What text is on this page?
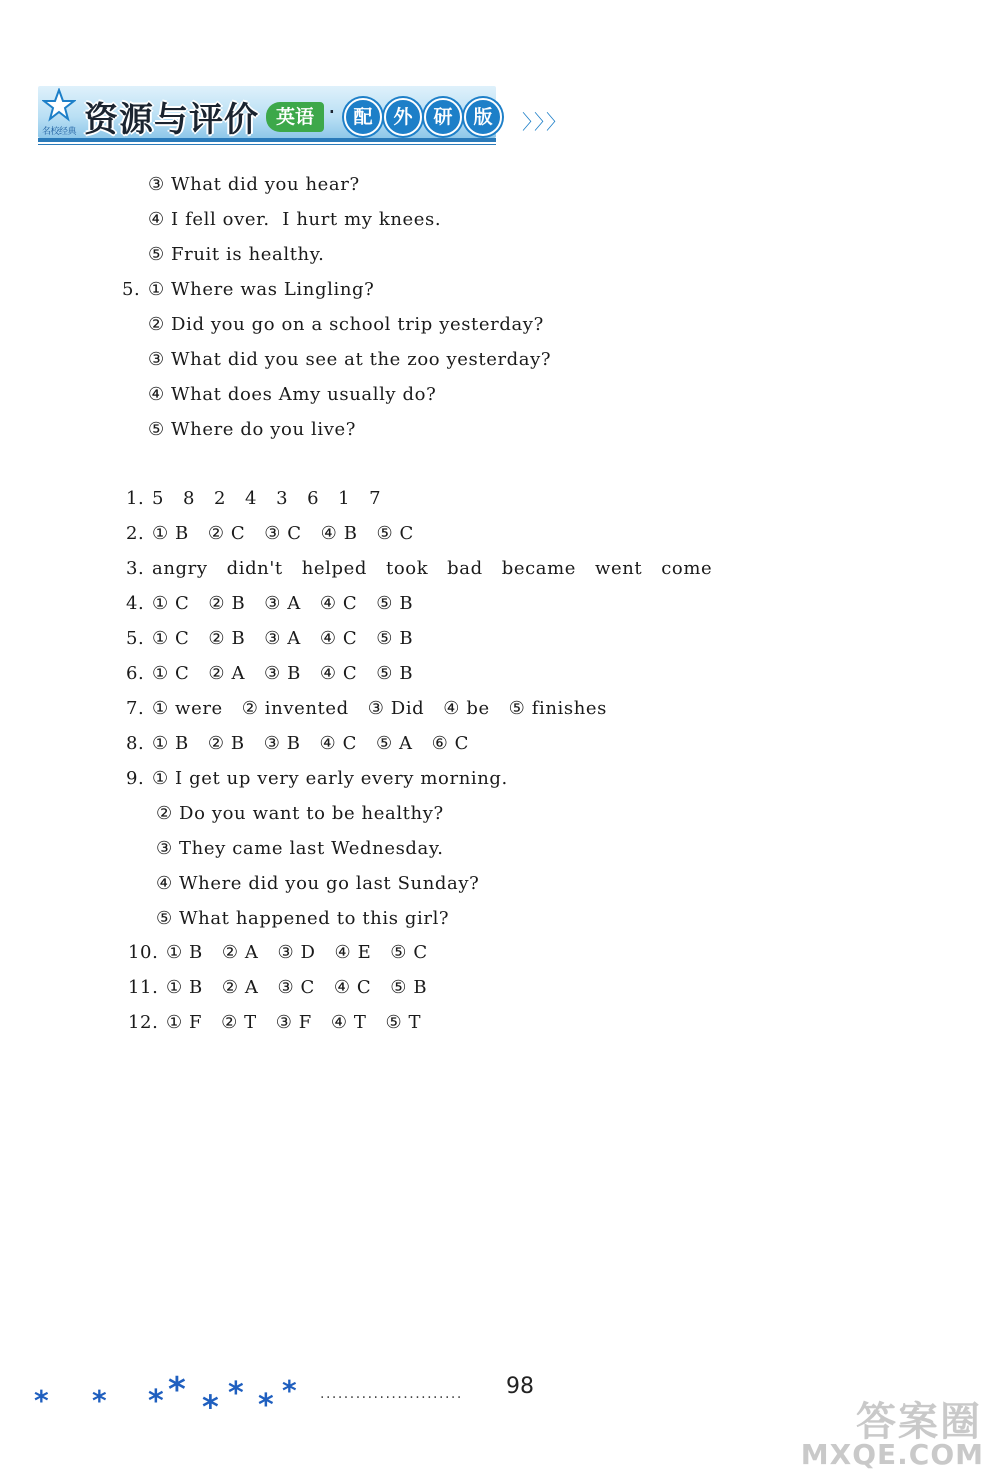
名校经典 资源与评价 英语 · 配	外	研	版	〉〉〉
③ What did you hear?
④ I fell over.  I hurt my knees.
⑤ Fruit is healthy.
5. ① Where was Lingling?
② Did you go on a school trip yesterday?
③ What did you see at the zoo yesterday?
④ What does Amy usually do?
⑤ Where do you live?
1. 5   8   2   4   3   6   1   7
2. ① B   ② C   ③ C   ④ B   ⑤ C
3. angry   didn't   helped   took   bad   became   went   come
4. ① C   ② B   ③ A   ④ C   ⑤ B
5. ① C   ② B   ③ A   ④ C   ⑤ B
6. ① C   ② A   ③ B   ④ C   ⑤ B
7. ① were   ② invented   ③ Did   ④ be   ⑤ finishes
8. ① B   ② B   ③ B   ④ C   ⑤ A   ⑥ C
9. ① I get up very early every morning.
② Do you want to be healthy?
③ They came last Wednesday.
④ Where did you go last Sunday?
⑤ What happened to this girl?
10. ① B   ② A   ③ D   ④ E   ⑤ C
11. ① B   ② A   ③ C   ④ C   ⑤ B
12. ① F   ② T   ③ F   ④ T   ⑤ T
* * * * * * * * ........................ 98
答案圈
MXQE.COM
